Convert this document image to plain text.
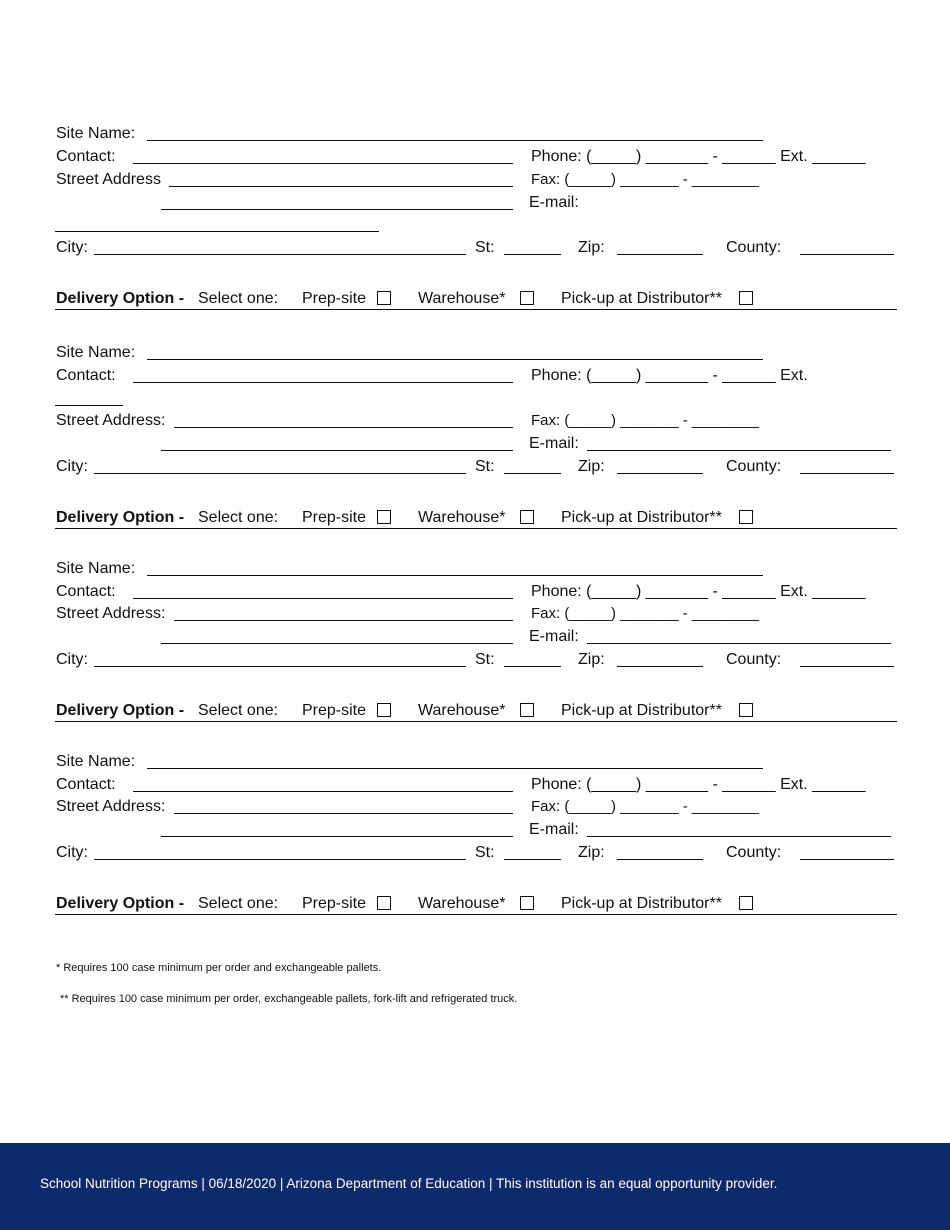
Site Name:
Contact:	Phone: (_____) _______ - ______ Ext. ______
Street Address	Fax: (_____) _______ - ________
E-mail:
City:	St:	Zip:	County:
Delivery Option - Select one: Prep-site	Warehouse*	Pick-up at Distributor**
Site Name:
Contact:	Phone: (_____) _______ - ______ Ext.
Street Address:	Fax: (_____) _______ - ________
E-mail:
City:	St:	Zip:	County:
Delivery Option - Select one: Prep-site	Warehouse*	Pick-up at Distributor**
Site Name:
Contact:	Phone: (_____) _______ - ______ Ext. ______
Street Address:	Fax: (_____) _______ - ________
E-mail:
City:	St:	Zip:	County:
Delivery Option - Select one: Prep-site	Warehouse*	Pick-up at Distributor**
Site Name:
Contact:	Phone: (_____) _______ - ______ Ext. ______
Street Address:	Fax: (_____) _______ - ________
E-mail:
City:	St:	Zip:	County:
Delivery Option - Select one: Prep-site	Warehouse*	Pick-up at Distributor**
* Requires 100 case minimum per order and exchangeable pallets.
** Requires 100 case minimum per order, exchangeable pallets, fork-lift and refrigerated truck.
School Nutrition Programs | 06/18/2020 | Arizona Department of Education | This institution is an equal opportunity provider.
